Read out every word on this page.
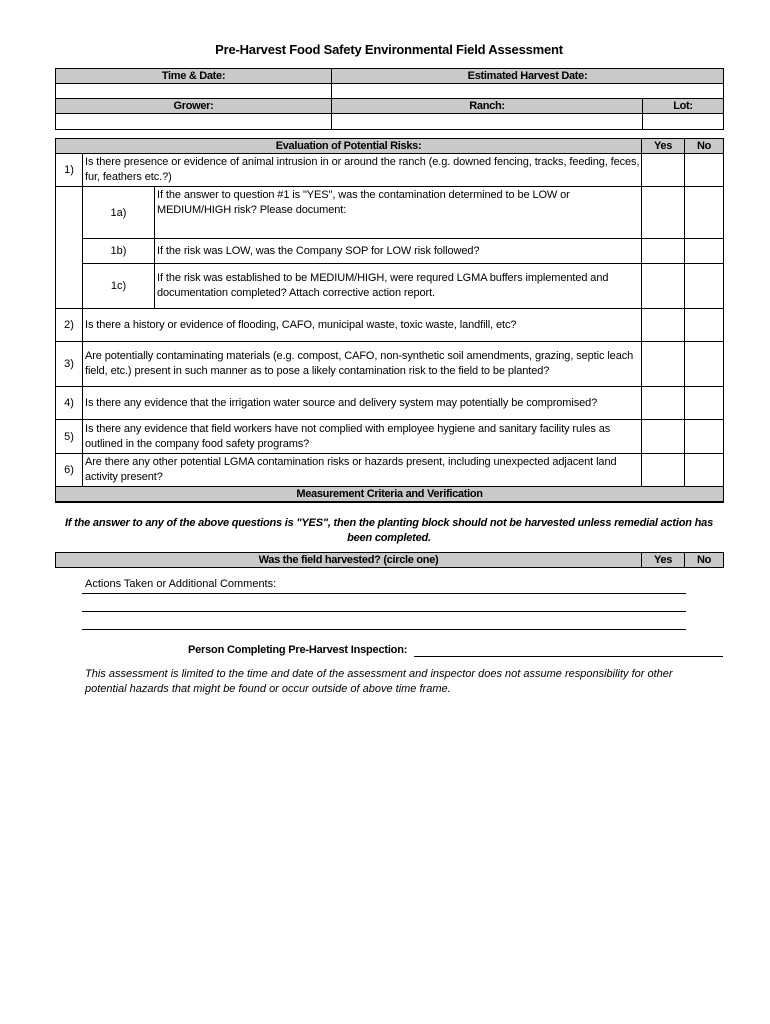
Pre-Harvest Food Safety Environmental Field Assessment
Time & Date:	Estimated Harvest Date:	

Grower:	Ranch:	Lot:

Evaluation of Potential Risks:			Yes	No
1)	Is there presence or evidence of animal intrusion in or around the ranch (e.g. downed fencing, tracks, feeding, feces, fur, feathers etc.?)			
	1a)	If the answer to question #1 is "YES", was the contamination determined to be LOW or MEDIUM/HIGH risk? Please document:		
	1b)	If the risk was LOW, was the Company SOP for LOW risk followed?		
	1c)	If the risk was established to be MEDIUM/HIGH, were requred LGMA buffers implemented and documentation completed? Attach corrective action report.		
2)	Is there a history or evidence of flooding, CAFO, municipal waste, toxic waste, landfill, etc?			
3)	Are potentially contaminating materials (e.g. compost, CAFO, non-synthetic soil amendments, grazing, septic leach field, etc.) present in such manner as to pose a likely contamination risk to the field to be planted?			
4)	Is there any evidence that the irrigation water source and delivery system may potentially be compromised?			
5)	Is there any evidence that field workers have not complied with employee hygiene and sanitary facility rules as outlined in the company food safety programs?			
6)	Are there any other potential LGMA contamination risks or hazards present, including unexpected adjacent land activity present?			
Measurement Criteria and Verification				
If the answer to any of the above questions is "YES", then the planting block should not be harvested unless remedial action has been completed.
Was the field harvested? (circle one)	Yes	No
Actions Taken or Additional Comments:
Person Completing Pre-Harvest Inspection:
This assessment is limited to the time and date of the assessment and inspector does not assume responsibility for other potential hazards that might be found or occur outside of above time frame.
